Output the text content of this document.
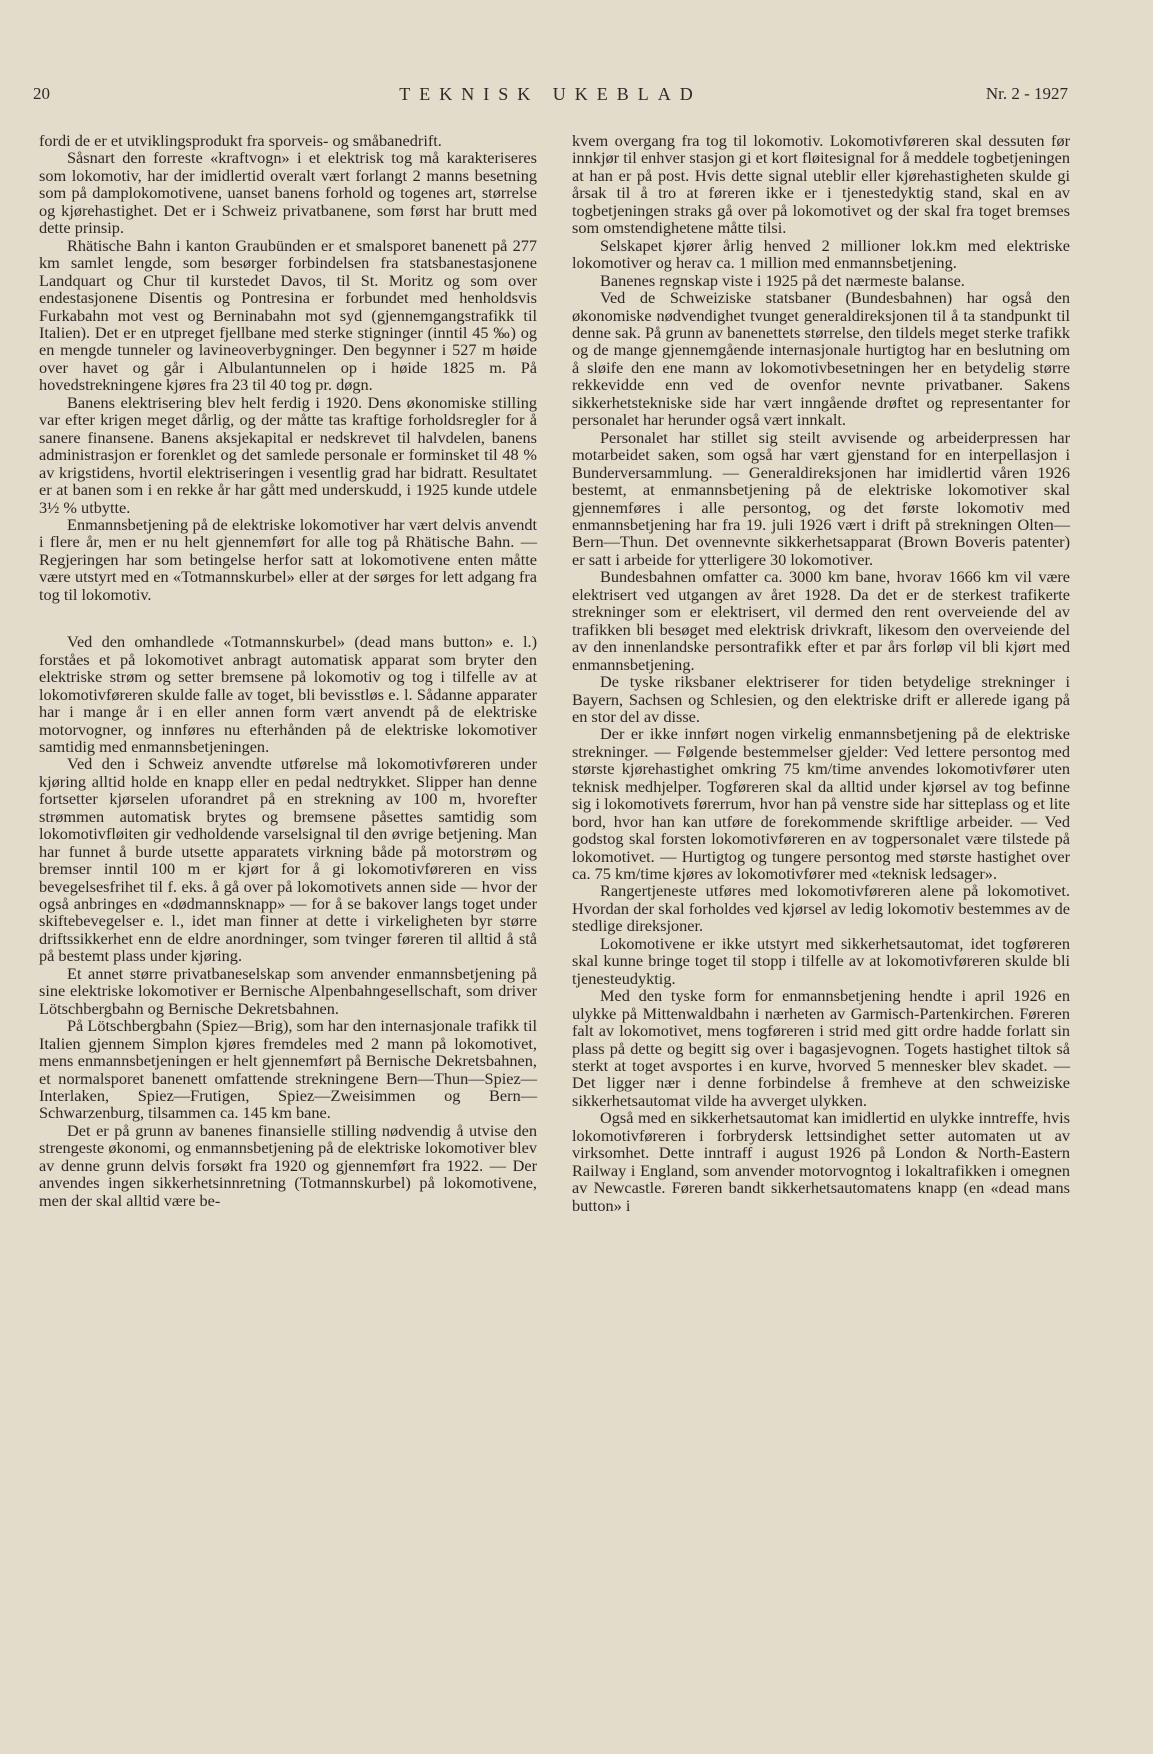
20	TEKNISK UKEBLAD	Nr. 2 - 1927

fordi de er et utviklingsprodukt fra sporveis- og småbanedrift.

Såsnart den forreste «kraftvogn» i et elektrisk tog må karakteriseres som lokomotiv, har der imidlertid overalt vært forlangt 2 manns besetning som på damplokomotivene, uanset banens forhold og togenes art, størrelse og kjørehastighet. Det er i Schweiz privatbanene, som først har brutt med dette prinsip.

Rhätische Bahn i kanton Graubünden er et smalsporet banenett på 277 km samlet lengde, som besørger forbindelsen fra statsbanestasjonene Landquart og Chur til kurstedet Davos, til St. Moritz og som over endestasjonene Disentis og Pontresina er forbundet med henholdsvis Furkabahn mot vest og Berninabahn mot syd (gjennemgangstrafikk til Italien). Det er en utpreget fjellbane med sterke stigninger (inntil 45 ‰) og en mengde tunneler og lavineoverbygninger. Den begynner i 527 m høide over havet og går i Albulantunnelen op i høide 1825 m. På hovedstrekningene kjøres fra 23 til 40 tog pr. døgn.

Banens elektrisering blev helt ferdig i 1920. Dens økonomiske stilling var efter krigen meget dårlig, og der måtte tas kraftige forholdsregler for å sanere finansene. Banens aksjekapital er nedskrevet til halvdelen, banens administrasjon er forenklet og det samlede personale er forminsket til 48 % av krigstidens, hvortil elektriseringen i vesentlig grad har bidratt. Resultatet er at banen som i en rekke år har gått med underskudd, i 1925 kunde utdele 3½ % utbytte.

Enmannsbetjening på de elektriske lokomotiver har vært delvis anvendt i flere år, men er nu helt gjennemført for alle tog på Rhätische Bahn. — Regjeringen har som betingelse herfor satt at lokomotivene enten måtte være utstyrt med en «Totmannskurbel» eller at der sørges for lett adgang fra tog til lokomotiv.

Ved den omhandlede «Totmannskurbel» (dead mans button» e. l.) forståes et på lokomotivet anbragt automatisk apparat som bryter den elektriske strøm og setter bremsene på lokomotiv og tog i tilfelle av at lokomotivføreren skulde falle av toget, bli bevisstløs e. l. Sådanne apparater har i mange år i en eller annen form vært anvendt på de elektriske motorvogner, og innføres nu efterhånden på de elektriske lokomotiver samtidig med enmannsbetjeningen.

Ved den i Schweiz anvendte utførelse må lokomotivføreren under kjøring alltid holde en knapp eller en pedal nedtrykket. Slipper han denne fortsetter kjørselen uforandret på en strekning av 100 m, hvorefter strømmen automatisk brytes og bremsene påsettes samtidig som lokomotivfløiten gir vedholdende varselsignal til den øvrige betjening. Man har funnet å burde utsette apparatets virkning både på motorstrøm og bremser inntil 100 m er kjørt for å gi lokomotivføreren en viss bevegelsesfrihet til f. eks. å gå over på lokomotivets annen side — hvor der også anbringes en «dødmannsknapp» — for å se bakover langs toget under skiftebevegelser e. l., idet man finner at dette i virkeligheten byr større driftssikkerhet enn de eldre anordninger, som tvinger føreren til alltid å stå på bestemt plass under kjøring.

Et annet større privatbaneselskap som anvender enmannsbetjening på sine elektriske lokomotiver er Bernische Alpenbahngesellschaft, som driver Lötschbergbahn og Bernische Dekretsbahnen.

På Lötschbergbahn (Spiez—Brig), som har den internasjonale trafikk til Italien gjennem Simplon kjøres fremdeles med 2 mann på lokomotivet, mens enmannsbetjeningen er helt gjennemført på Bernische Dekretsbahnen, et normalsporet banenett omfattende strekningene Bern—Thun—Spiez—Interlaken, Spiez—Frutigen, Spiez—Zweisimmen og Bern—Schwarzenburg, tilsammen ca. 145 km bane.

Det er på grunn av banenes finansielle stilling nødvendig å utvise den strengeste økonomi, og enmannsbetjening på de elektriske lokomotiver blev av denne grunn delvis forsøkt fra 1920 og gjennemført fra 1922. — Der anvendes ingen sikkerhetsinnretning (Totmannskurbel) på lokomotivene, men der skal alltid være be-

kvem overgang fra tog til lokomotiv. Lokomotivføreren skal dessuten før innkjør til enhver stasjon gi et kort fløitesignal for å meddele togbetjeningen at han er på post. Hvis dette signal uteblir eller kjørehastigheten skulde gi årsak til å tro at føreren ikke er i tjenestedyktig stand, skal en av togbetjeningen straks gå over på lokomotivet og der skal fra toget bremses som omstendighetene måtte tilsi.

Selskapet kjører årlig henved 2 millioner lok.km med elektriske lokomotiver og herav ca. 1 million med enmannsbetjening.

Banenes regnskap viste i 1925 på det nærmeste balanse.

Ved de Schweiziske statsbaner (Bundesbahnen) har også den økonomiske nødvendighet tvunget generaldireksjonen til å ta standpunkt til denne sak. På grunn av banenettets størrelse, den tildels meget sterke trafikk og de mange gjennemgående internasjonale hurtigtog har en beslutning om å sløife den ene mann av lokomotivbesetningen her en betydelig større rekkevidde enn ved de ovenfor nevnte privatbaner. Sakens sikkerhetstekniske side har vært inngående drøftet og representanter for personalet har herunder også vært innkalt.

Personalet har stillet sig steilt avvisende og arbeiderpressen har motarbeidet saken, som også har vært gjenstand for en interpellasjon i Bunderversammlung. — Generaldireksjonen har imidlertid våren 1926 bestemt, at enmannsbetjening på de elektriske lokomotiver skal gjennemføres i alle persontog, og det første lokomotiv med enmannsbetjening har fra 19. juli 1926 vært i drift på strekningen Olten—Bern—Thun. Det ovennevnte sikkerhetsapparat (Brown Boveris patenter) er satt i arbeide for ytterligere 30 lokomotiver.

Bundesbahnen omfatter ca. 3000 km bane, hvorav 1666 km vil være elektrisert ved utgangen av året 1928. Da det er de sterkest trafikerte strekninger som er elektrisert, vil dermed den rent overveiende del av trafikken bli besøget med elektrisk drivkraft, likesom den overveiende del av den innenlandske persontrafikk efter et par års forløp vil bli kjørt med enmannsbetjening.

De tyske riksbaner elektriserer for tiden betydelige strekninger i Bayern, Sachsen og Schlesien, og den elektriske drift er allerede igang på en stor del av disse.

Der er ikke innført nogen virkelig enmannsbetjening på de elektriske strekninger. — Følgende bestemmelser gjelder: Ved lettere persontog med største kjørehastighet omkring 75 km/time anvendes lokomotivfører uten teknisk medhjelper. Togføreren skal da alltid under kjørsel av tog befinne sig i lokomotivets førerrum, hvor han på venstre side har sitteplass og et lite bord, hvor han kan utføre de forekommende skriftlige arbeider. — Ved godstog skal forsten lokomotivføreren en av togpersonalet være tilstede på lokomotivet. — Hurtigtog og tungere persontog med største hastighet over ca. 75 km/time kjøres av lokomotivfører med «teknisk ledsager».

Rangertjeneste utføres med lokomotivføreren alene på lokomotivet. Hvordan der skal forholdes ved kjørsel av ledig lokomotiv bestemmes av de stedlige direksjoner.

Lokomotivene er ikke utstyrt med sikkerhetsautomat, idet togføreren skal kunne bringe toget til stopp i tilfelle av at lokomotivføreren skulde bli tjenesteudyktig.

Med den tyske form for enmannsbetjening hendte i april 1926 en ulykke på Mittenwaldbahn i nærheten av Garmisch-Partenkirchen. Føreren falt av lokomotivet, mens togføreren i strid med gitt ordre hadde forlatt sin plass på dette og begitt sig over i bagasjevognen. Togets hastighet tiltok så sterkt at toget avsportes i en kurve, hvorved 5 mennesker blev skadet. — Det ligger nær i denne forbindelse å fremheve at den schweiziske sikkerhetsautomat vilde ha avverget ulykken.

Også med en sikkerhetsautomat kan imidlertid en ulykke inntreffe, hvis lokomotivføreren i forbrydersk lettsindighet setter automaten ut av virksomhet. Dette inntraff i august 1926 på London & North-Eastern Railway i England, som anvender motorvogntog i lokaltrafikken i omegnen av Newcastle. Føreren bandt sikkerhetsautomatens knapp (en «dead mans button» i
